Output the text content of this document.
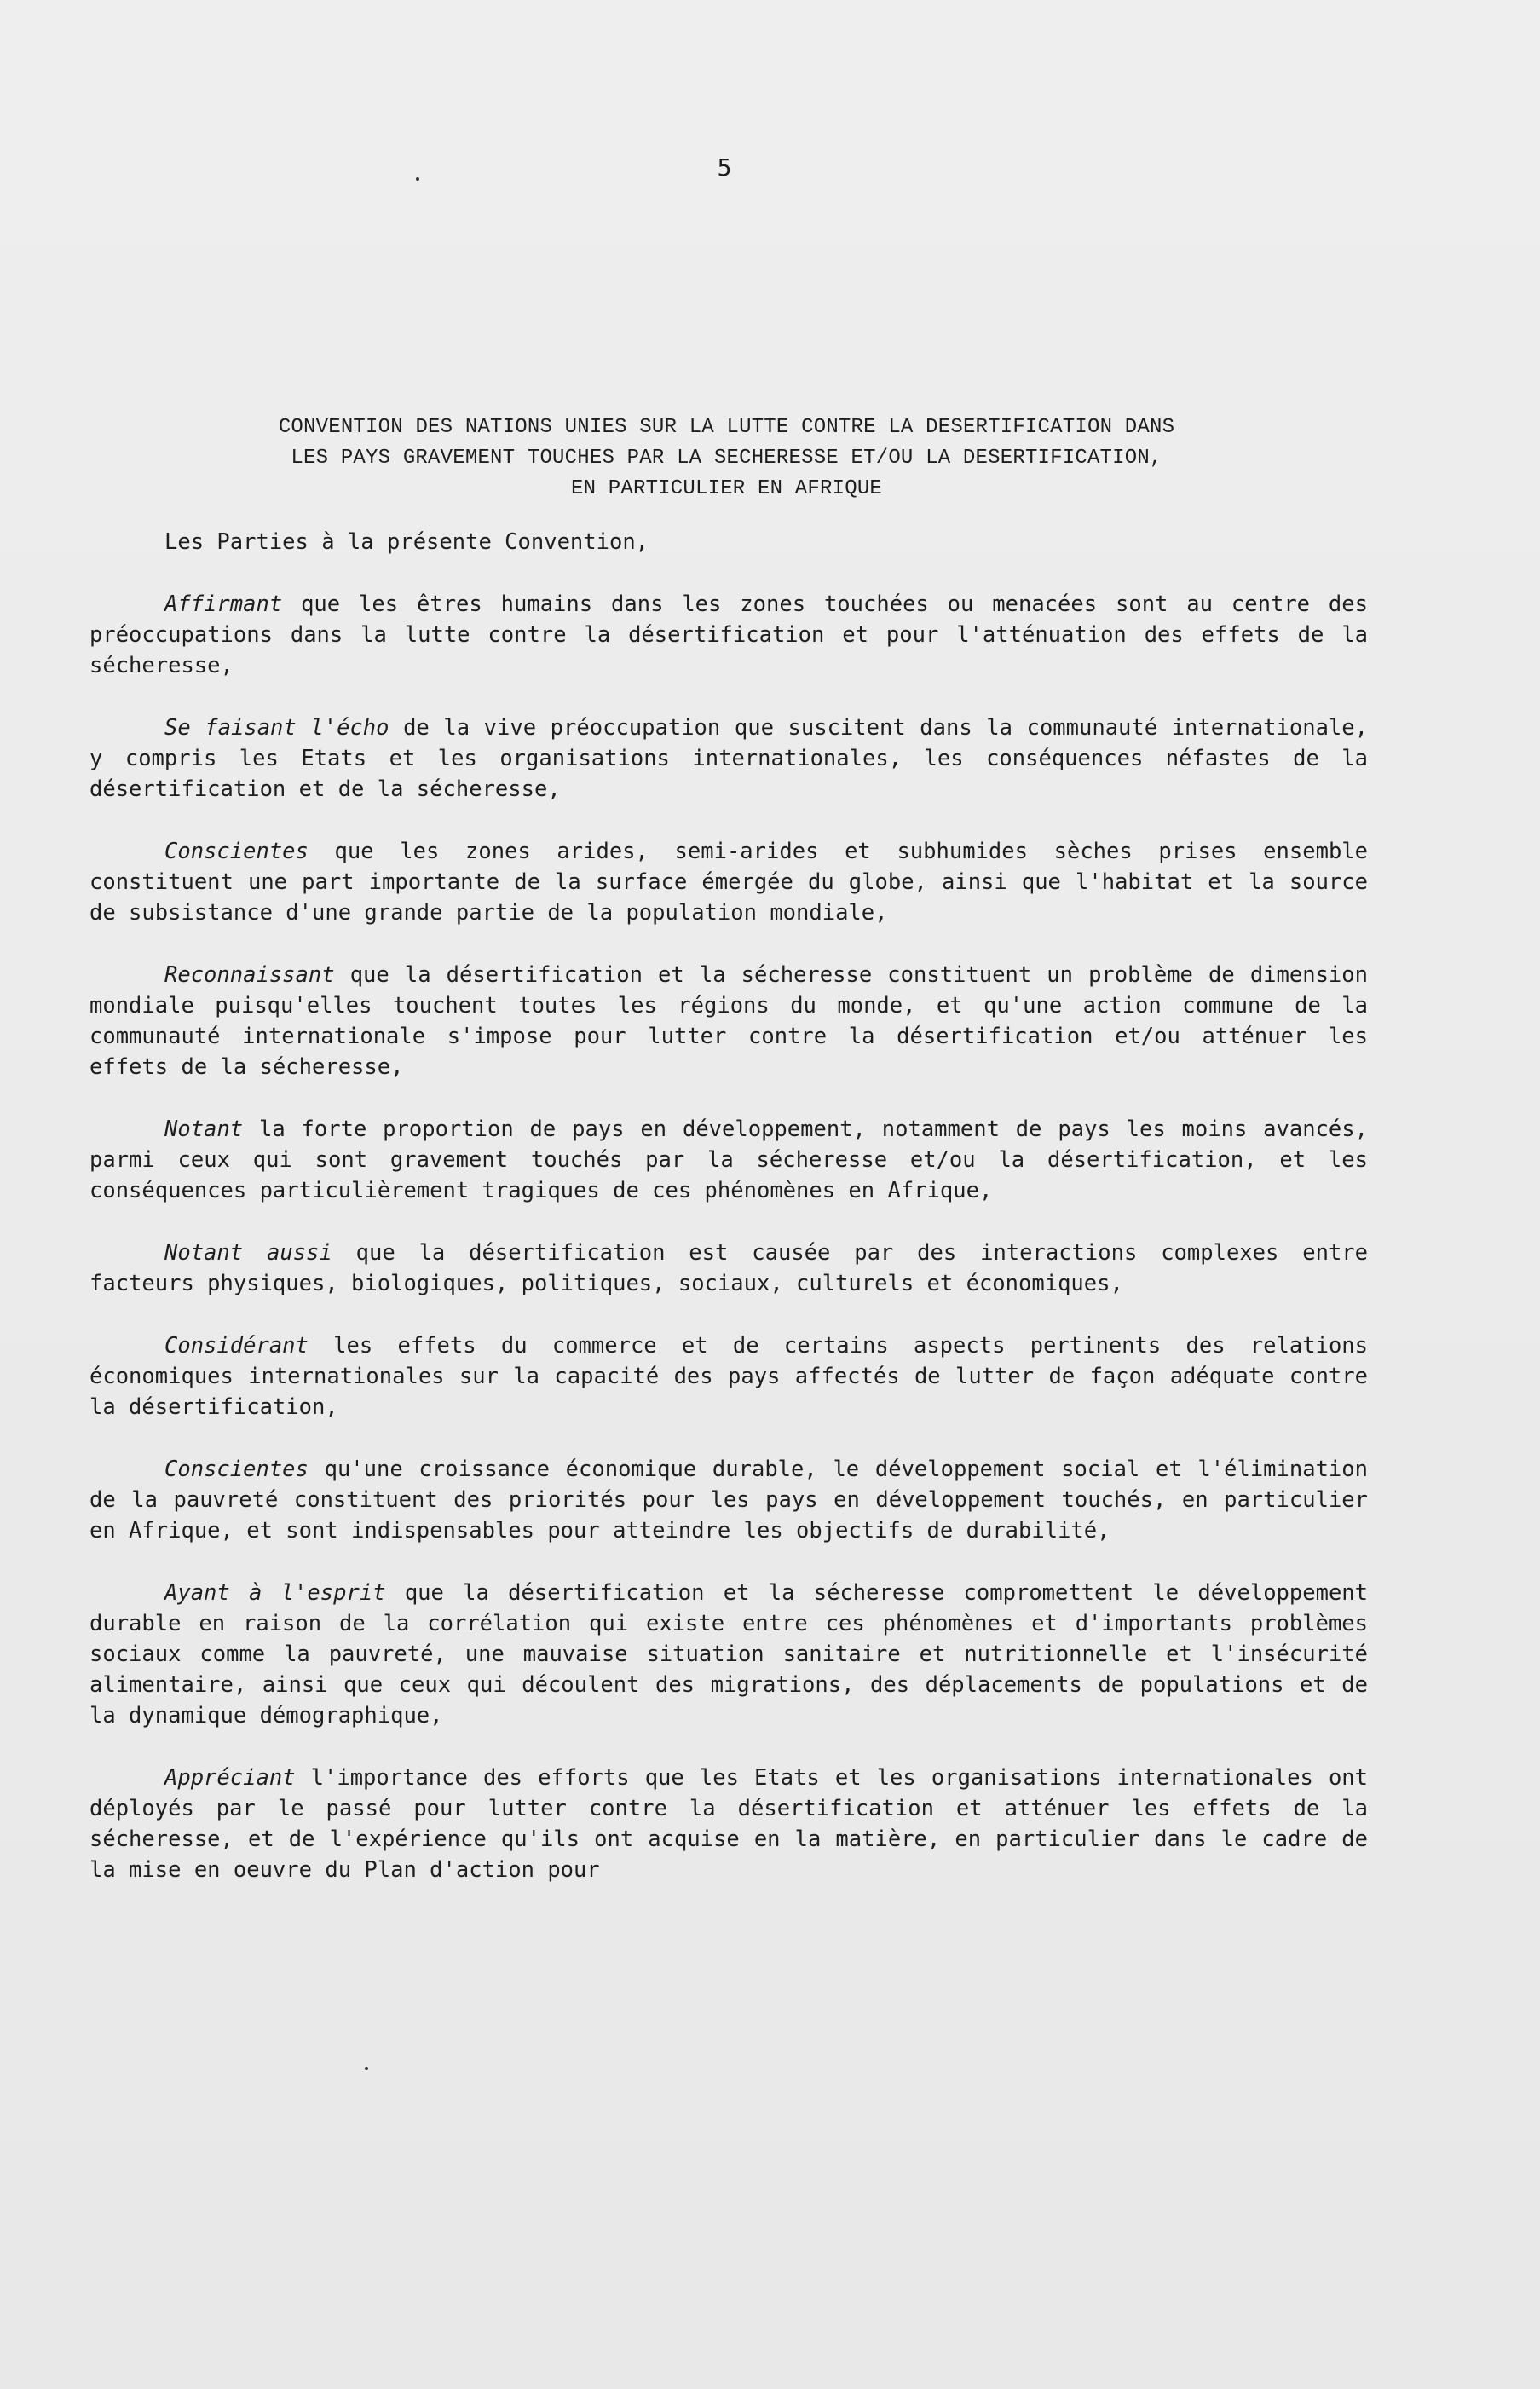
5
CONVENTION DES NATIONS UNIES SUR LA LUTTE CONTRE LA DESERTIFICATION DANS
LES PAYS GRAVEMENT TOUCHES PAR LA SECHERESSE ET/OU LA DESERTIFICATION,
EN PARTICULIER EN AFRIQUE

Les Parties à la présente Convention,

Affirmant que les êtres humains dans les zones touchées ou menacées sont au centre des préoccupations dans la lutte contre la désertification et pour l'atténuation des effets de la sécheresse,

Se faisant l'écho de la vive préoccupation que suscitent dans la communauté internationale, y compris les Etats et les organisations internationales, les conséquences néfastes de la désertification et de la sécheresse,

Conscientes que les zones arides, semi-arides et subhumides sèches prises ensemble constituent une part importante de la surface émergée du globe, ainsi que l'habitat et la source de subsistance d'une grande partie de la population mondiale,

Reconnaissant que la désertification et la sécheresse constituent un problème de dimension mondiale puisqu'elles touchent toutes les régions du monde, et qu'une action commune de la communauté internationale s'impose pour lutter contre la désertification et/ou atténuer les effets de la sécheresse,

Notant la forte proportion de pays en développement, notamment de pays les moins avancés, parmi ceux qui sont gravement touchés par la sécheresse et/ou la désertification, et les conséquences particulièrement tragiques de ces phénomènes en Afrique,

Notant aussi que la désertification est causée par des interactions complexes entre facteurs physiques, biologiques, politiques, sociaux, culturels et économiques,

Considérant les effets du commerce et de certains aspects pertinents des relations économiques internationales sur la capacité des pays affectés de lutter de façon adéquate contre la désertification,

Conscientes qu'une croissance économique durable, le développement social et l'élimination de la pauvreté constituent des priorités pour les pays en développement touchés, en particulier en Afrique, et sont indispensables pour atteindre les objectifs de durabilité,

Ayant à l'esprit que la désertification et la sécheresse compromettent le développement durable en raison de la corrélation qui existe entre ces phénomènes et d'importants problèmes sociaux comme la pauvreté, une mauvaise situation sanitaire et nutritionnelle et l'insécurité alimentaire, ainsi que ceux qui découlent des migrations, des déplacements de populations et de la dynamique démographique,

Appréciant l'importance des efforts que les Etats et les organisations internationales ont déployés par le passé pour lutter contre la désertification et atténuer les effets de la sécheresse, et de l'expérience qu'ils ont acquise en la matière, en particulier dans le cadre de la mise en oeuvre du Plan d'action pour
